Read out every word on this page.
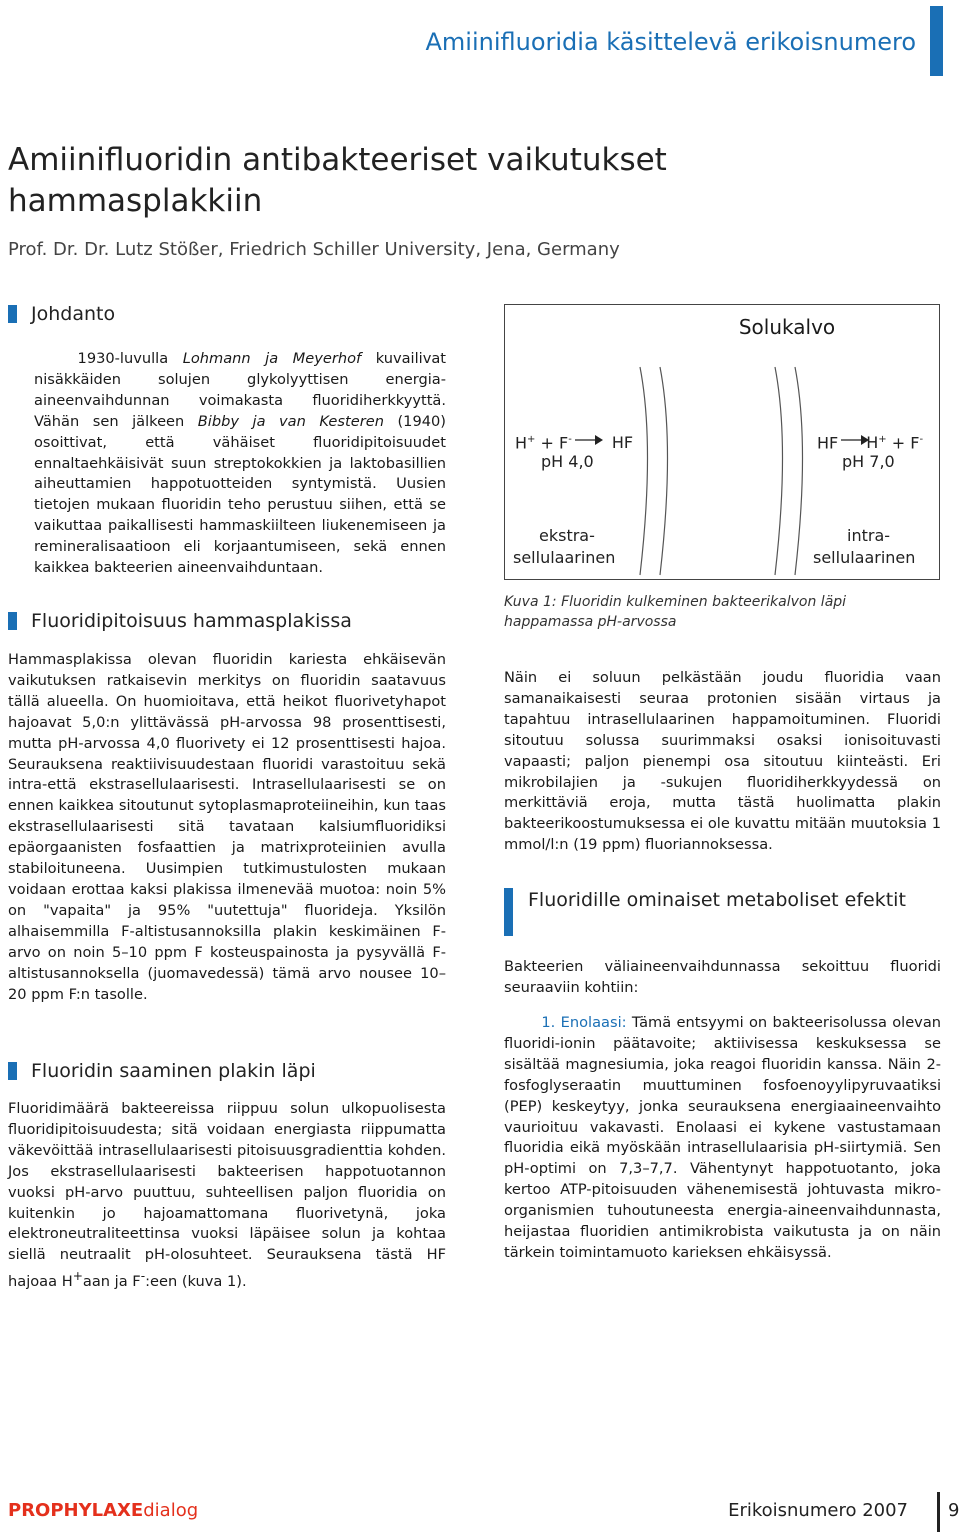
Amiinifluoridia käsittelevä erikoisnumero
Amiinifluoridin antibakteeriset vaikutukset hammasplakkiin
Prof. Dr. Dr. Lutz Stößer, Friedrich Schiller University, Jena, Germany
Johdanto

1930-luvulla Lohmann ja Meyerhof kuvailivat nisäkkäiden solujen glykolyyttisen energia-aineenvaihdunnan voimakasta fluoridiherkkyyttä. Vähän sen jälkeen Bibby ja van Kesteren (1940) osoittivat, että vähäiset fluoridipitoisuudet ennaltaehkäisivät suun streptokokkien ja laktobasillien aiheuttamien happotuotteiden syntymistä. Uusien tietojen mukaan fluoridin teho perustuu siihen, että se vaikuttaa paikallisesti hammaskiilteen liukenemiseen ja remineralisaatioon eli korjaantumiseen, sekä ennen kaikkea bakteerien aineenvaihduntaan.

Fluoridipitoisuus hammasplakissa

Hammasplakissa olevan fluoridin kariesta ehkäisevän vaikutuksen ratkaisevin merkitys on fluoridin saatavuus tällä alueella. On huomioitava, että heikot fluorivetyhapot hajoavat 5,0:n ylittävässä pH-arvossa 98 prosenttisesti, mutta pH-arvossa 4,0 fluorivety ei 12 prosenttisesti hajoa. Seurauksena reaktiivisuudestaan fluoridi varastoituu sekä intra-että ekstrasellulaarisesti. Intrasellulaarisesti se on ennen kaikkea sitoutunut sytoplasmaproteiineihin, kun taas ekstrasellulaarisesti sitä tavataan kalsiumfluoridiksi epäorgaanisten fosfaattien ja matrixproteiinien avulla stabiloituneena. Uusimpien tutkimustulosten mukaan voidaan erottaa kaksi plakissa ilmenevää muotoa: noin 5% on "vapaita" ja 95% "uutettuja" fluorideja. Yksilön alhaisemmilla F-altistusannoksilla plakin keskimäinen F-arvo on noin 5–10 ppm F kosteuspainosta ja pysyvällä F-altistusannoksella (juomavedessä) tämä arvo nousee 10–20 ppm F:n tasolle.

Fluoridin saaminen plakin läpi

Fluoridimäärä bakteereissa riippuu solun ulkopuolisesta fluoridipitoisuudesta; sitä voidaan energiasta riippumatta väkevöittää intrasellulaarisesti pitoisuusgradienttia kohden. Jos ekstrasellulaarisesti bakteerisen happotuotannon vuoksi pH-arvo puuttuu, suhteellisen paljon fluoridia on kuitenkin jo hajoamattomana fluorivetynä, joka elektroneutraliteettinsa vuoksi läpäisee solun ja kohtaa siellä neutraalit pH-olosuhteet. Seurauksena tästä HF hajoaa H+aan ja F-:een (kuva 1).

Solukalvo
H+ + F-	HF
pH 4,0
HF H+ + F-
pH 7,0
ekstra-
sellulaarinen
intra-
sellulaarinen
Kuva 1: Fluoridin kulkeminen bakteerikalvon läpi happamassa pH-arvossa

Näin ei soluun pelkästään joudu fluoridia vaan samanaikaisesti seuraa protonien sisään virtaus ja tapahtuu intrasellulaarinen happamoituminen. Fluoridi sitoutuu solussa suurimmaksi osaksi ionisoituvasti vapaasti; paljon pienempi osa sitoutuu kiinteästi. Eri mikrobilajien ja -sukujen fluoridiherkkyydessä on merkittäviä eroja, mutta tästä huolimatta plakin bakteerikoostumuksessa ei ole kuvattu mitään muutoksia 1 mmol/l:n (19 ppm) fluoriannoksessa.

Fluoridille ominaiset metaboliset efektit

Bakteerien väliaineenvaihdunnassa sekoittuu fluoridi seuraaviin kohtiin:

1. Enolaasi: Tämä entsyymi on bakteerisolussa olevan fluoridi-ionin päätavoite; aktiivisessa keskuksessa se sisältää magnesiumia, joka reagoi fluoridin kanssa. Näin 2-fosfoglyseraatin muuttuminen fosfoenoyylipyruvaatiksi (PEP) keskeytyy, jonka seurauksena energiaaineenvaihto vaurioituu vakavasti. Enolaasi ei kykene vastustamaan fluoridia eikä myöskään intrasellulaarisia pH-siirtymiä. Sen pH-optimi on 7,3–7,7. Vähentynyt happotuotanto, joka kertoo ATP-pitoisuuden vähenemisestä johtuvasta mikro-organismien tuhoutuneesta energia-aineenvaihdunnasta, heijastaa fluoridien antimikrobista vaikutusta ja on näin tärkein toimintamuoto karieksen ehkäisyssä.

PROPHYLAXEdialog	Erikoisnumero 2007 9
